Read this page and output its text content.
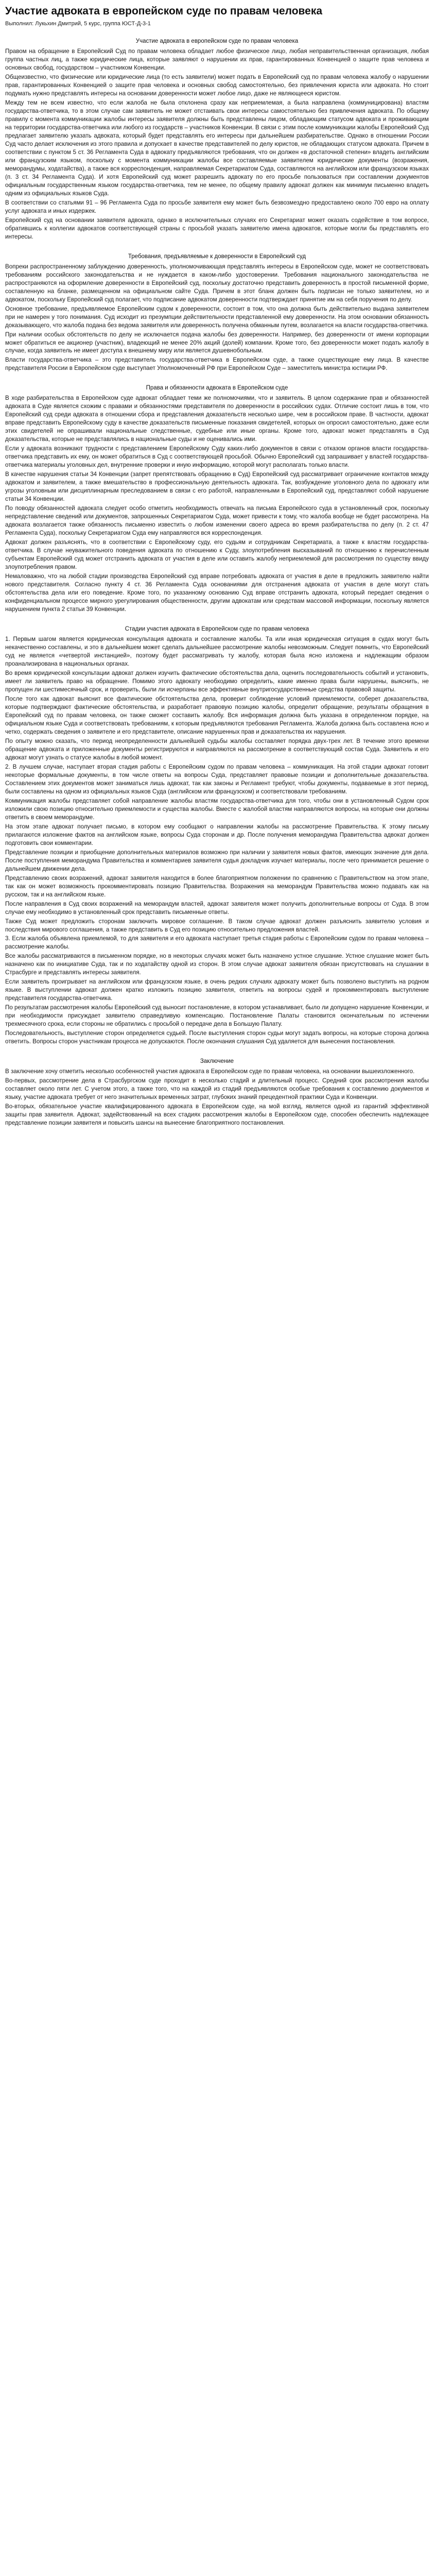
Участие адвоката в европейском суде по правам человека
Выполнил: Лукьхин Дмитрий, 5 курс, группа ЮСТ-Д-3-1
Участие адвоката в европейском суде по правам человека

Правом на обращение в Европейский Суд по правам человека обладает любое физическое лицо, любая неправительственная организация, любая группа частных лиц, а также юридические лица, которые заявляют о нарушении их прав, гарантированных Конвенцией о защите прав человека и основных свобод, государством – участником Конвенции.

Общеизвестно, что физические или юридические лица (то есть заявители) может подать в Европейский суд по правам человека жалобу о нарушении прав, гарантированных Конвенцией о защите прав человека и основных свобод самостоятельно, без привлечения юриста или адвоката. Но стоит подумать нужно представлять интересы на основании доверенности может любое лицо, даже не являющееся юристом.

Между тем не всем известно, что если жалоба не была отклонена сразу как неприемлемая, а была направлена (коммуницирована) властям государства-ответчика, то в этом случае сам заявитель не может отстаивать свои интересы самостоятельно без привлечения адвоката. По общему правилу с момента коммуникации жалобы интересы заявителя должны быть представлены лицом, обладающим статусом адвоката и проживающим на территории государства-ответчика или любого из государств – участников Конвенции. В связи с этим после коммуникации жалобы Европейский Суд предлагает заявителю указать адвоката, который будет представлять его интересы при дальнейшем разбирательстве. Однако в отношении России Суд часто делает исключения из этого правила и допускает в качестве представителей по делу юристов, не обладающих статусом адвоката. Причем в соответствии с пунктом 5 ст. 36 Регламента Суда в адвокату предъявляются требования, что он должен «в достаточной степени» владеть английским или французским языком, поскольку с момента коммуникации жалобы все составляемые заявителем юридические документы (возражения, меморандумы, ходатайства), а также вся корреспонденция, направляемая Секретариатом Суда, составляются на английском или французском языках (п. 3 ст. 34 Регламента Суда). И хотя Европейский суд может разрешить адвокату по его просьбе пользоваться при составлении документов официальным государственным языком государства-ответчика, тем не менее, по общему правилу адвокат должен как минимум письменно владеть одним из официальных языков Суда.

В соответствии со статьями 91 – 96 Регламента Суда по просьбе заявителя ему может быть безвозмездно предоставлено около 700 евро на оплату услуг адвоката и иных издержек.

Европейский суд на основании заявителя адвоката, однако в исключительных случаях его Секретариат может оказать содействие в том вопросе, обратившись к коллегии адвокатов соответствующей страны с просьбой указать заявителю имена адвокатов, которые могли бы представлять его интересы.

Требования, предъявляемые к доверенности в Европейский суд

Вопреки распространенному заблуждению доверенность, уполномочивающая представлять интересы в Европейском суде, может не соответствовать требованиям российского законодательства и не нуждается в каком-либо удостоверении. Требования национального законодательства не распространяются на оформление доверенности в Европейский суд, поскольку достаточно представить доверенность в простой письменной форме, составленную на бланке, размещенном на официальном сайте Суда. Причем в этот бланк должен быть подписан не только заявителем, но и адвокатом, поскольку Европейский суд полагает, что подписание адвокатом доверенности подтверждает принятие им на себя поручения по делу.

Основное требование, предъявляемое Европейским судом к доверенности, состоит в том, что она должна быть действительно выдана заявителем при не намерен у того понимания. Суд исходит из презумпции действительности представленной ему доверенности. На этом основании обязанность доказывающего, что жалоба подана без ведома заявителя или доверенность получена обманным путем, возлагается на власти государства-ответчика.

При наличии особых обстоятельств по делу не исключается подача жалобы без доверенности. Например, без доверенности от имени корпорации может обратиться ее акционер (участник), владеющий не менее 20% акций (долей) компании. Кроме того, без доверенности может подать жалобу в случае, когда заявитель не имеет доступа к внешнему миру или является душевнобольным.

Власти государства-ответчика – это представитель государства-ответчика в Европейском суде, а также существующие ему лица. В качестве представителя России в Европейском суде выступает Уполномоченный РФ при Европейском Суде – заместитель министра юстиции РФ.

Права и обязанности адвоката в Европейском суде

В ходе разбирательства в Европейском суде адвокат обладает теми же полномочиями, что и заявитель. В целом содержание прав и обязанностей адвоката в Суде является схожим с правами и обязанностями представителя по доверенности в российских судах. Отличие состоит лишь в том, что Европейский суд среди адвоката в отношении сбора и представления доказательств несколько шире, чем в российском праве. В частности, адвокат вправе представить Европейскому суду в качестве доказательств письменные показания свидетелей, которых он опросил самостоятельно, даже если этих свидетелей не опрашивали национальные следственные, судебные или иные органы. Кроме того, адвокат может представлять в Суд доказательства, которые не представлялись в национальные суды и не оценивались ими.

Если у адвоката возникают трудности с представлением Европейскому Суду каких-либо документов в связи с отказом органов власти государства-ответчика представить их ему, он может обратиться в Суд с соответствующей просьбой. Обычно Европейский суд запрашивает у властей государства-ответчика материалы уголовных дел, внутренние проверки и иную информацию, которой могут располагать только власти.

В качестве нарушения статьи 34 Конвенции (запрет препятствовать обращению в Суд) Европейский суд рассматривает ограничение контактов между адвокатом и заявителем, а также вмешательство в профессиональную деятельность адвоката. Так, возбуждение уголовного дела по адвокату или угрозы уголовным или дисциплинарным преследованием в связи с его работой, направленными в Европейский суд, представляют собой нарушение статьи 34 Конвенции.

По поводу обязанностей адвоката следует особо отметить необходимость отвечать на письма Европейского суда в установленный срок, поскольку непредставление сведений или документов, запрошенных Секретариатом Суда, может привести к тому, что жалоба вообще не будет рассмотрена. На адвоката возлагается также обязанность письменно известить о любом изменении своего адреса во время разбирательства по делу (п. 2 ст. 47 Регламента Суда), поскольку Секретариатом Суда ему направляются вся корреспонденция.

Адвокат должен разъяснять, что в соответствии с Европейскому суду, его судьям и сотрудникам Секретариата, а также к властям государства-ответчика. В случае неуважительного поведения адвоката по отношению к Суду, злоупотребления высказываний по отношению к перечисленным субъектам Европейский суд может отстранить адвоката от участия в деле или оставить жалобу неприемлемой для рассмотрения по существу ввиду злоупотребления правом.

Немаловажно, что на любой стадии производства Европейский суд вправе потребовать адвоката от участия в деле в предложить заявителю найти нового представителя. Согласно пункту 4 ст. 36 Регламента Суда основаниями для отстранения адвоката от участия в деле могут стать обстоятельства дела или его поведение. Кроме того, по указанному основанию Суд вправе отстранить адвоката, который передает сведения о конфиденциальном процессе мирного урегулирования общественности, другим адвокатам или средствам массовой информации, поскольку является нарушением пункта 2 статьи 39 Конвенции.

Стадии участия адвоката в Европейском суде по правам человека

1. Первым шагом является юридическая консультация адвоката и составление жалобы. Та или иная юридическая ситуация в судах могут быть некачественно составлены, и это в дальнейшем может сделать дальнейшее рассмотрение жалобы невозможным. Следует помнить, что Европейский суд не является «четвертой инстанцией», поэтому будет рассматривать ту жалобу, которая была ясно изложена и надлежащим образом проанализирована в национальных органах.

Во время юридической консультации адвокат должен изучить фактические обстоятельства дела, оценить последовательность событий и установить, имеет ли заявитель право на обращение. Помимо этого адвокату необходимо определить, какие именно права были нарушены, выяснить, не пропущен ли шестимесячный срок, и проверить, были ли исчерпаны все эффективные внутригосударственные средства правовой защиты.

После того как адвокат выяснит все фактические обстоятельства дела, проверит соблюдение условий приемлемости, соберет доказательства, которые подтверждают фактические обстоятельства, и разработает правовую позицию жалобы, определит обращение, результаты обращения в Европейский суд по правам человека, он также сможет составить жалобу. Вся информация должна быть указана в определенном порядке, на официальном языке Суда и соответствовать требованиям, к которым предъявляются требования Регламента. Жалоба должна быть составлена ясно и четко, содержать сведения о заявителе и его представителе, описание нарушенных прав и доказательства их нарушения.

По опыту можно сказать, что период неопределенности дальнейшей судьбы жалобы составляет порядка двух-трех лет. В течение этого времени обращение адвоката и приложенные документы регистрируются и направляются на рассмотрение в соответствующий состав Суда. Заявитель и его адвокат могут узнать о статусе жалобы в любой момент.

2. В лучшем случае, наступает вторая стадия работы с Европейским судом по правам человека – коммуникация. На этой стадии адвокат готовит некоторые формальные документы, в том числе ответы на вопросы Суда, представляет правовые позиции и дополнительные доказательства. Составлением этих документов может заниматься лишь адвокат, так как законы и Регламент требуют, чтобы документы, подаваемые в этот период, были составлены на одном из официальных языков Суда (английском или французском) и соответствовали требованиям.

Коммуникация жалобы представляет собой направление жалобы властям государства-ответчика для того, чтобы они в установленный Судом срок изложили свою позицию относительно приемлемости и существа жалобы. Вместе с жалобой властям направляются вопросы, на которые они должны ответить в своем меморандуме.

На этом этапе адвокат получает письмо, в котором ему сообщают о направлении жалобы на рассмотрение Правительства. К этому письму прилагаются изложение фактов на английском языке, вопросы Суда сторонам и др. После получения меморандума Правительства адвокат должен подготовить свои комментарии.

Представление позиции и приобщение дополнительных материалов возможно при наличии у заявителя новых фактов, имеющих значение для дела. После поступления меморандума Правительства и комментариев заявителя судья докладчик изучает материалы, после чего принимается решение о дальнейшем движении дела.

Представлению своих возражений, адвокат заявителя находится в более благоприятном положении по сравнению с Правительством на этом этапе, так как он может возможность прокомментировать позицию Правительства. Возражения на меморандум Правительства можно подавать как на русском, так и на английском языке.

После направления в Суд своих возражений на меморандум властей, адвокат заявителя может получить дополнительные вопросы от Суда. В этом случае ему необходимо в установленный срок представить письменные ответы.

Также Суд может предложить сторонам заключить мировое соглашение. В таком случае адвокат должен разъяснить заявителю условия и последствия мирового соглашения, а также представить в Суд его позицию относительно предложения властей.

3. Если жалоба объявлена приемлемой, то для заявителя и его адвоката наступает третья стадия работы с Европейским судом по правам человека – рассмотрение жалобы.

Все жалобы рассматриваются в письменном порядке, но в некоторых случаях может быть назначено устное слушание. Устное слушание может быть назначено как по инициативе Суда, так и по ходатайству одной из сторон. В этом случае адвокат заявителя обязан присутствовать на слушании в Страсбурге и представлять интересы заявителя.

Если заявитель проигрывает на английском или французском языке, в очень редких случаях адвокату может быть позволено выступить на родном языке. В выступлении адвокат должен кратко изложить позицию заявителя, ответить на вопросы судей и прокомментировать выступление представителя государства-ответчика.

По результатам рассмотрения жалобы Европейский суд выносит постановление, в котором устанавливает, было ли допущено нарушение Конвенции, и при необходимости присуждает заявителю справедливую компенсацию. Постановление Палаты становится окончательным по истечении трехмесячного срока, если стороны не обратились с просьбой о передаче дела в Большую Палату.

Последовательность, выступление сторон определяется судьей. После выступления сторон судьи могут задать вопросы, на которые сторона должна ответить. Вопросы сторон участникам процесса не допускаются. После окончания слушания Суд удаляется для вынесения постановления.

Заключение

В заключение хочу отметить несколько особенностей участия адвоката в Европейском суде по правам человека, на основании вышеизложенного.

Во-первых, рассмотрение дела в Страсбургском суде проходит в несколько стадий и длительный процесс. Средний срок рассмотрения жалобы составляет около пяти лет. С учетом этого, а также того, что на каждой из стадий предъявляются особые требования к составлению документов и языку, участие адвоката требует от него значительных временных затрат, глубоких знаний прецедентной практики Суда и Конвенции.

Во-вторых, обязательное участие квалифицированного адвоката в Европейском суде, на мой взгляд, является одной из гарантий эффективной защиты прав заявителя. Адвокат, задействованный на всех стадиях рассмотрения жалобы в Европейском суде, способен обеспечить надлежащее представление позиции заявителя и повысить шансы на вынесение благоприятного постановления.
